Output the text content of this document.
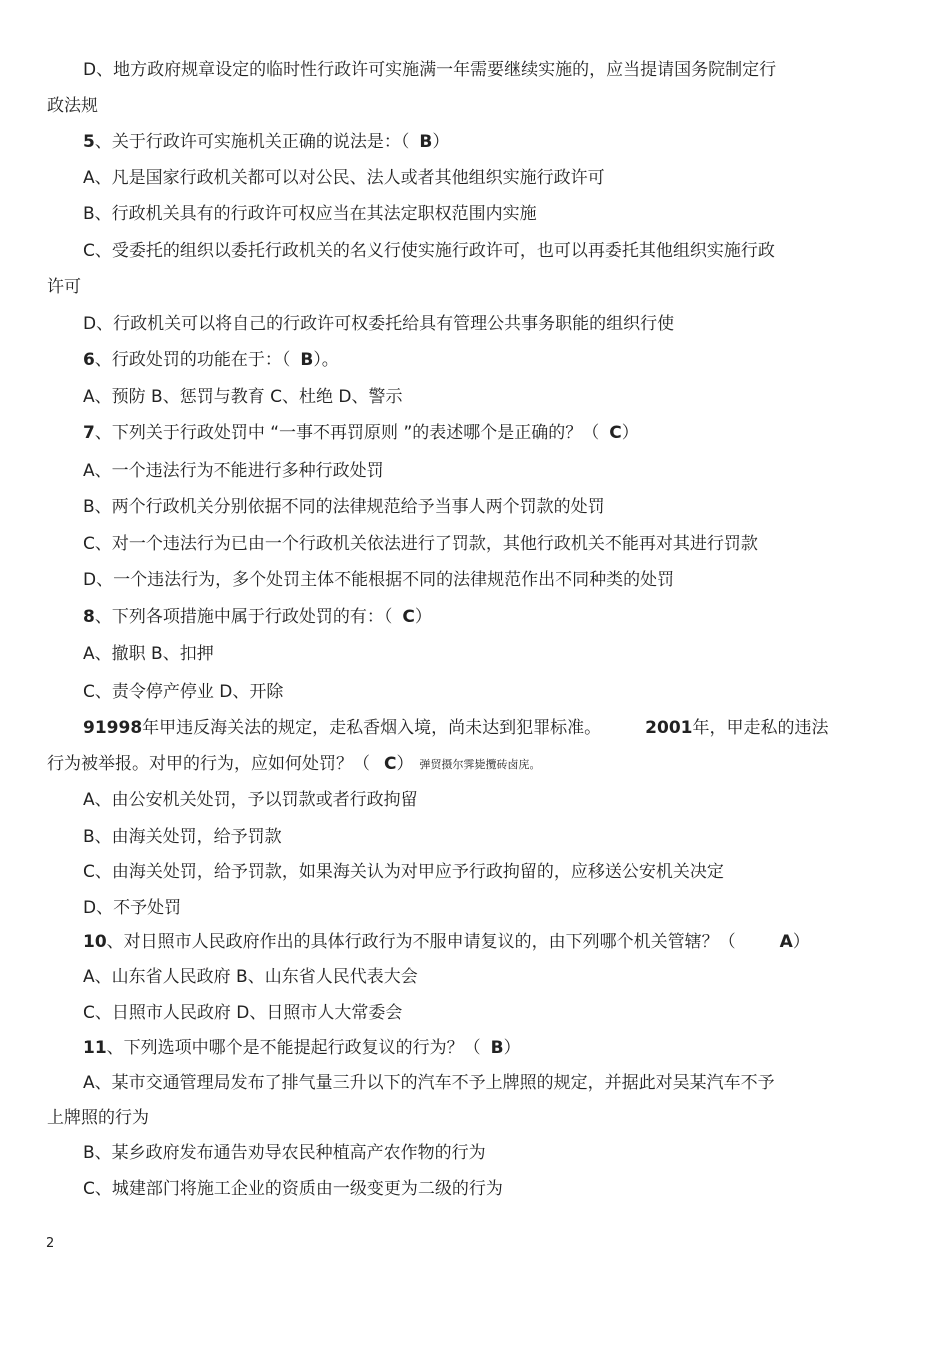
D、地方政府规章设定的临时性行政许可实施满一年需要继续实施的，应当提请国务院制定行
政法规
5、关于行政许可实施机关正确的说法是：（ B）
A、凡是国家行政机关都可以对公民、法人或者其他组织实施行政许可
B、行政机关具有的行政许可权应当在其法定职权范围内实施
C、受委托的组织以委托行政机关的名义行使实施行政许可，也可以再委托其他组织实施行政
许可
D、行政机关可以将自己的行政许可权委托给具有管理公共事务职能的组织行使
6、行政处罚的功能在于：（ B）。
A、预防 B、惩罚与教育 C、杜绝 D、警示
7、下列关于行政处罚中 “一事不再罚原则 ”的表述哪个是正确的？（ C）
A、一个违法行为不能进行多种行政处罚
B、两个行政机关分别依据不同的法律规范给予当事人两个罚款的处罚
C、对一个违法行为已由一个行政机关依法进行了罚款，其他行政机关不能再对其进行罚款
D、一个违法行为，多个处罚主体不能根据不同的法律规范作出不同种类的处罚
8、下列各项措施中属于行政处罚的有：（ C）
A、撤职 B、扣押
C、责令停产停业 D、开除
91998年甲违反海关法的规定，走私香烟入境，尚未达到犯罪标准。	2001年，甲走私的违法
行为被举报。对甲的行为，应如何处罚？（ C） 弹贸摄尔霁毙攬砖卤庑。
A、由公安机关处罚，予以罚款或者行政拘留
B、由海关处罚，给予罚款
C、由海关处罚，给予罚款，如果海关认为对甲应予行政拘留的，应移送公安机关决定
D、不予处罚
10、对日照市人民政府作出的具体行政行为不服申请复议的，由下列哪个机关管辖？（	A）
A、山东省人民政府 B、山东省人民代表大会
C、日照市人民政府 D、日照市人大常委会
11、下列选项中哪个是不能提起行政复议的行为？（ B）
A、某市交通管理局发布了排气量三升以下的汽车不予上牌照的规定，并据此对吴某汽车不予
上牌照的行为
B、某乡政府发布通告劝导农民种植高产农作物的行为
C、城建部门将施工企业的资质由一级变更为二级的行为
2
